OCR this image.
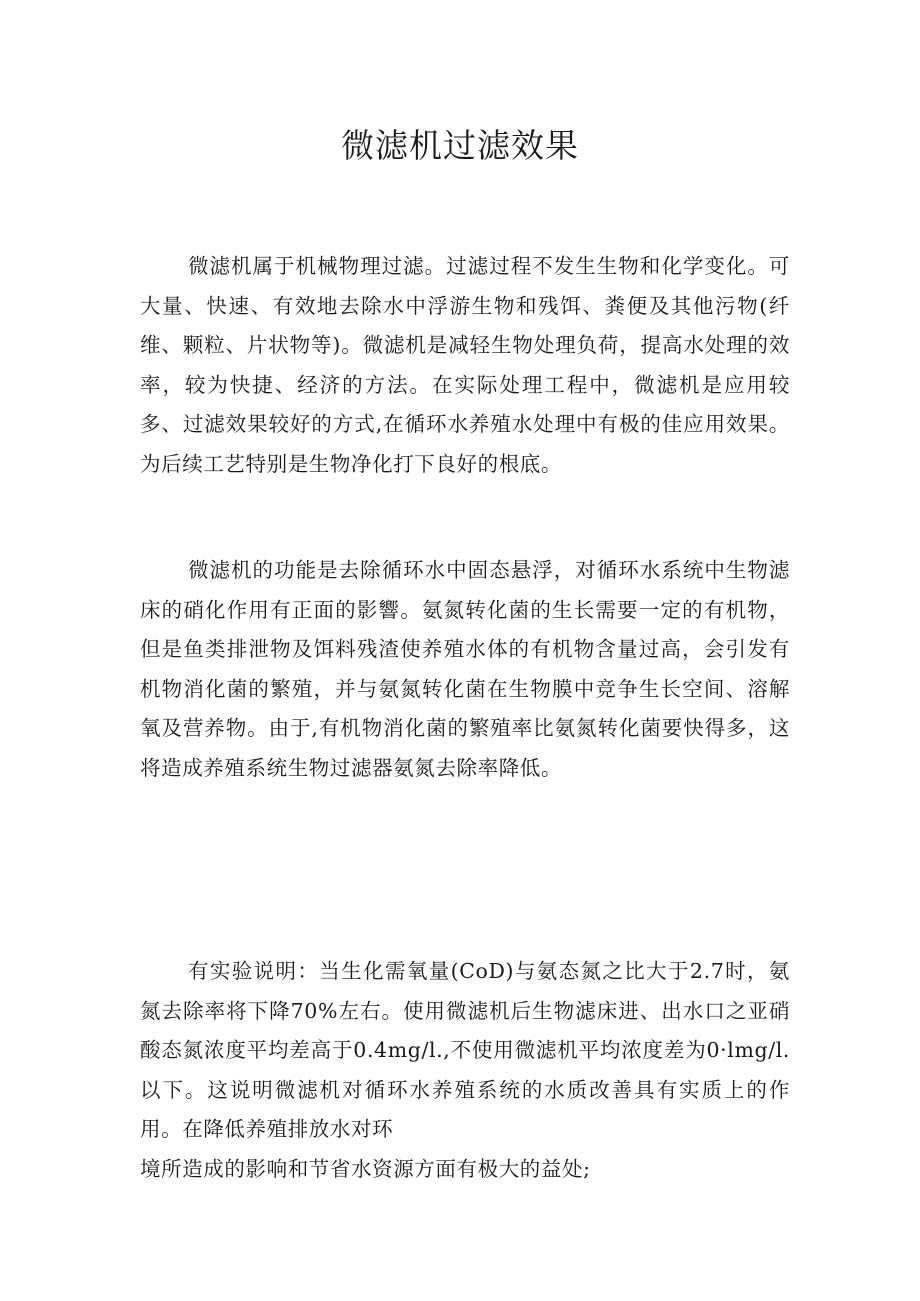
微滤机过滤效果

微滤机属于机械物理过滤。过滤过程不发生生物和化学变化。可大量、快速、有效地去除水中浮游生物和残饵、粪便及其他污物(纤维、颗粒、片状物等)。微滤机是减轻生物处理负荷，提高水处理的效率，较为快捷、经济的方法。在实际处理工程中，微滤机是应用较多、过滤效果较好的方式,在循环水养殖水处理中有极的佳应用效果。为后续工艺特别是生物净化打下良好的根底。

微滤机的功能是去除循环水中固态悬浮，对循环水系统中生物滤床的硝化作用有正面的影響。氨氮转化菌的生长需要一定的有机物，但是鱼类排泄物及饵料残渣使养殖水体的有机物含量过高，会引发有机物消化菌的繁殖，并与氨氮转化菌在生物膜中竞争生长空间、溶解氧及营养物。由于,有机物消化菌的繁殖率比氨氮转化菌要快得多，这将造成养殖系统生物过滤器氨氮去除率降低。

有实验说明：当生化需氧量(CoD)与氨态氮之比大于2.7时，氨氮去除率将下降70%左右。使用微滤机后生物滤床进、出水口之亚硝酸态氮浓度平均差高于0.4mg/l.,不使用微滤机平均浓度差为0·lmg/l.以下。这说明微滤机对循环水养殖系统的水质改善具有实质上的作用。在降低养殖排放水对环
境所造成的影响和节省水资源方面有极大的益处;
